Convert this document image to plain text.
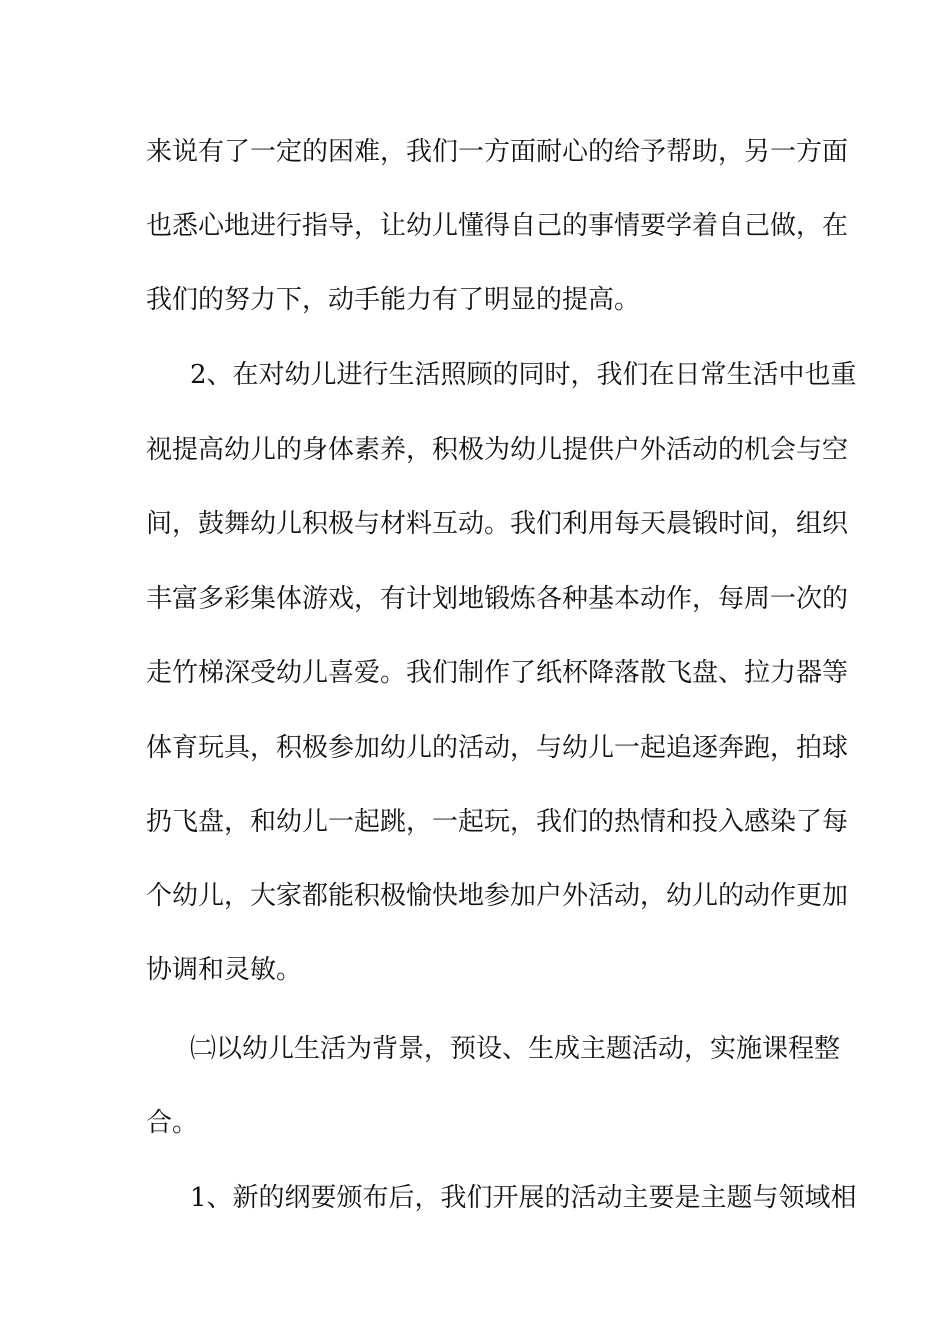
来说有了一定的困难，我们一方面耐心的给予帮助，另一方面
也悉心地进行指导，让幼儿懂得自己的事情要学着自己做，在
我们的努力下，动手能力有了明显的提高。
2、在对幼儿进行生活照顾的同时，我们在日常生活中也重
视提高幼儿的身体素养，积极为幼儿提供户外活动的机会与空
间，鼓舞幼儿积极与材料互动。我们利用每天晨锻时间，组织
丰富多彩集体游戏，有计划地锻炼各种基本动作，每周一次的
走竹梯深受幼儿喜爱。我们制作了纸杯降落散飞盘、拉力器等
体育玩具，积极参加幼儿的活动，与幼儿一起追逐奔跑，拍球
扔飞盘，和幼儿一起跳，一起玩，我们的热情和投入感染了每
个幼儿，大家都能积极愉快地参加户外活动，幼儿的动作更加
协调和灵敏。
㈡以幼儿生活为背景，预设、生成主题活动，实施课程整
合。
1、新的纲要颁布后，我们开展的活动主要是主题与领域相
